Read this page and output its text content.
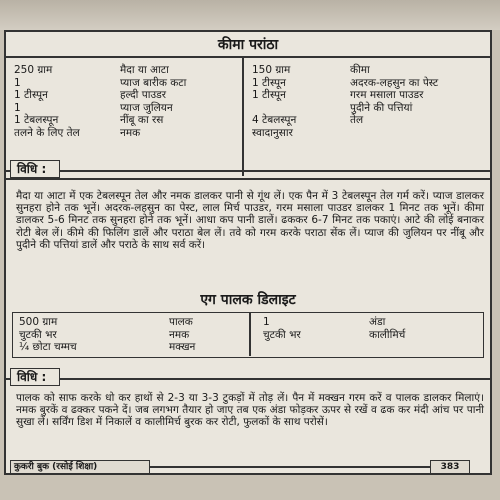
कीमा परांठा
250 ग्राम
1
1 टीस्पून
1
1 टेबलस्पून
तलने के लिए तेल
मैदा या आटा
प्याज बारीक कटा
हल्दी पाउडर
प्याज जुलियन
नींबू का रस
नमक
150 ग्राम
1 टीस्पून
1 टीस्पून
4 टेबलस्पून
स्वादानुसार
कीमा
अदरक-लहसुन का पेस्ट
गरम मसाला पाउडर
पुदीने की पत्तियां
तेल
विधि :
मैदा या आटा में एक टेबलस्पून तेल और नमक डालकर पानी से गूंथ लें। एक पैन में 3 टेबलस्पून तेल गर्म करें। प्याज डालकर सुनहरा होने तक भूनें। अदरक-लहसुन का पेस्ट, लाल मिर्च पाउडर, गरम मसाला पाउडर डालकर 1 मिनट तक भूनें। कीमा डालकर 5-6 मिनट तक सुनहरा होने तक भूनें। आधा कप पानी डालें। ढककर 6-7 मिनट तक पकाएं। आटे की लोई बनाकर रोटी बेल लें। कीमे की फिलिंग डालें और पराठा बेल लें। तवे को गरम करके पराठा सेंक लें। प्याज की जुलियन पर नींबू और पुदीने की पत्तियां डालें और पराठे के साथ सर्व करें।
एग पालक डिलाइट
500 ग्राम
चुटकी भर
¼ छोटा चम्मच
पालक
नमक
मक्खन
1
चुटकी भर
अंडा
कालीमिर्च
विधि :
पालक को साफ करके धो कर हाथों से 2-3 या 3-3 टुकड़ों में तोड़ लें। पैन में मक्खन गरम करें व पालक डालकर मिलाएं। नमक बुरकें व ढक्कर पकने दें। जब लगभग तैयार हो जाए तब एक अंडा फोड़कर ऊपर से रखें व ढक कर मंदी आंच पर पानी सुखा लें। सर्विंग डिश में निकालें व कालीमिर्च बुरक कर रोटी, फुलकों के साथ परोसें।
कुकरी बुक (रसोई शिक्षा)	383
